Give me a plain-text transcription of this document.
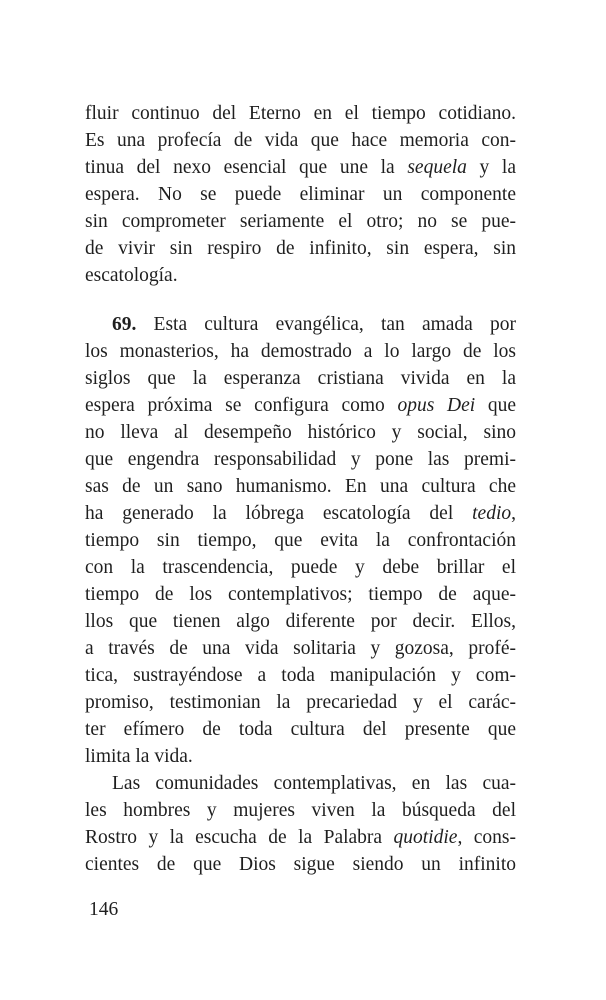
fluir continuo del Eterno en el tiempo cotidiano.
Es una profecía de vida que hace memoria con-
tinua del nexo esencial que une la sequela y la
espera. No se puede eliminar un componente
sin comprometer seriamente el otro; no se pue-
de vivir sin respiro de infinito, sin espera, sin
escatología.
69. Esta cultura evangélica, tan amada por
los monasterios, ha demostrado a lo largo de los
siglos que la esperanza cristiana vivida en la
espera próxima se configura como opus Dei que
no lleva al desempeño histórico y social, sino
que engendra responsabilidad y pone las premi-
sas de un sano humanismo. En una cultura che
ha generado la lóbrega escatología del tedio,
tiempo sin tiempo, que evita la confrontación
con la trascendencia, puede y debe brillar el
tiempo de los contemplativos; tiempo de aque-
llos que tienen algo diferente por decir. Ellos,
a través de una vida solitaria y gozosa, profé-
tica, sustrayéndose a toda manipulación y com-
promiso, testimonian la precariedad y el carác-
ter efímero de toda cultura del presente que
limita la vida.
Las comunidades contemplativas, en las cua-
les hombres y mujeres viven la búsqueda del
Rostro y la escucha de la Palabra quotidie, cons-
cientes de que Dios sigue siendo un infinito
146
